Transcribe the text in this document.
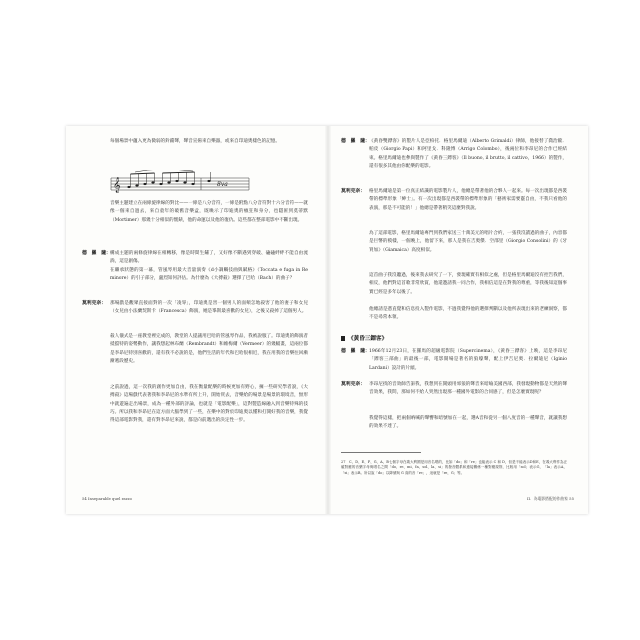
每個場景中蘊入更為微弱的鈴鐺聲，聲音宣揚來自樂器，或來自印迪奧樣色的記憶。

𝄞	8va

音樂主題建立在兩條旋律線的對比——一條是八分音符，一條是附點八分音符對十六分音符——就像一個來自過去，來自童年的破舊音樂盒，既喚示了印迪奧的瘋狂和身分，也隱匿到莫蒂默（Mortimer）那幾十分相似的懷錶，他的命運以及他的復仇。這些都在整部電影中不斷出現。

德　羅　薩： 構成主題的兩條旋律線在相轉移，像是時間生鏽了，又好像不斷遇到穿破、磕磕絆絆不能自由流淌，這是創傷。

在繼承狀態的第一幕，管風琴用最大音量演奏《d小調觸技曲與賦格》（Toccata e fuga in Re minore）的引子部分，盧烈知何評估。為什麼為《大搏殺》選擇了巴哈（Bach）的曲子？

莫利克奈： 那場戲是觀眾直接面對的一次「凌辱」，印迪奧是害一個男人的面頰怎地殺害了他的妻子和女兒（女兒由小法蘭契斯卡（Francesca）飾演，她是峯斯最喜歡的女兒），之後又殺掉了這個男人。

殺人儀式是一座教堂裡完成的，教堂的人提議用巴哈的管風琴作品，我被說服了。印迪奧的飾演者抵擋特的姿勢動作，讓我想起林布蘭（Rembrandt）和維梅爾（Vermeer）的幾幅畫，這兩位都是李昂尼特別喜歡的，還有我不必說的是，他們生活的年代和巴哈很相近，我在用我的音樂往回漸漸遞段歷史。

之前說過，這一次我的創作更加自由，我在衡量配樂的時候更加有野心，擁一些研究學者說，《大搏殺》這場戲代表著我和李昂尼的水準有所上升，開始買去，音樂給的場景是場景的環境音，無形中就遊遍走出場景，成為一種外部的評論，也就是「電影配樂」，這對製造線融入到音樂特殊的技巧。所以我和李昂尼在這方面大腦學到了一些，在樂中的對於印迪奧以懂和打開好我的音樂，我覺得這部電影對我，還有對李昂尼來說，都是向前邁出的決定性一步。

54 Inseparable quel razzo
德　羅　薩： 《黃昏雙鏢客》的製片人是亞柏托．格里馬爾迪（Alberto Grimaldi）律師，他接替了喬治歐．帕皮（Giorgio Papi）和阿里戈．科隆博（Arrigo Colombo），後兩位和李昂尼的合作已經結束。格里馬爾迪也參與製作了《黃昏三鏢客》（Il buono, il brutto, il cattivo，1966）的製作，還有很多其他由你配樂的電影。

莫利克奈： 格里馬爾迪是第一位真正結識的電影製片人，他總是帶著他的合夥人一起來。每一次出現都是西裝帶的標準形象「紳士」。有一次出現都是西裝帶的標準形象的「藝術家需要靈自由，不我只看他的表演，那是不可能的！」他總是帶著稍笑這麼對我說。

為了這部電影，格里馬爾迪專門到我們家送三十萬美元的唱片合約，一張我沒讀過的曲子，內容都是巨幣的模樣，一個晚上，他留下來，那人是我在吉奧傑．空邵里（Giorgio Consolini）的《牙買加》（Giamaica）高度相似。

這首曲子我沒聽過，後來我去研究了一下，發現確實有相似之處，但是格里馬爾迪沒有控告我們，相反，他們對這首歌非常欣賞，他還邀請我一同合作，我相信這是在對我的尊重，等我後知這個事實已經是多年以後了。

他總請是憑直覺和信息投入製作電影，不過我覺得他的選擇判斷以及他所表現出來的老練洞察，都不是尋常本領。

《黃昏三鏢客》
德　羅　薩： 1966年12月23日，在羅馬的超級電影院（Supercinema），《黃昏三鏢客》上映，這是李昂尼「鏢客三部曲」的最後一部，電影開場是著名的狼嚎聲，配上伊吉尼奧．拉爾迪尼（Iginio Lardani）設計的片頭。

莫利克奈： 李昂尼找的音效師告訴我，我想到在開頭用郊狼的聲音來暗喻美國西部，我發現動物都是天然的聲音效果，我問，那如何不給人突然出現那一種國外電影的合同感了，但是怎麼實現呢？

我覺得這樣，把兩個吶喊的聲響和暗號加在一起，選A音和從另一個八度音的一種聲音，就讓我想的效果不達了。

27　C、D、E、F、G、A、B七個字母在義大利國是用音名唱的，比如「do」和「re」也能表示 C 和 D，但是不能表示D和E，在義大利作為正確對應的音樂字母與唱名之間「do、re、mi、fa、sol、la、si」的發音體系和連接關係一種對應規則，比較用「sol」表示G，「la」表示A，「si」表示B。所以說「do」以降號與 G 高的音「re」，這就是「re，G」等。

II．為電影搭配的作曲家 55
